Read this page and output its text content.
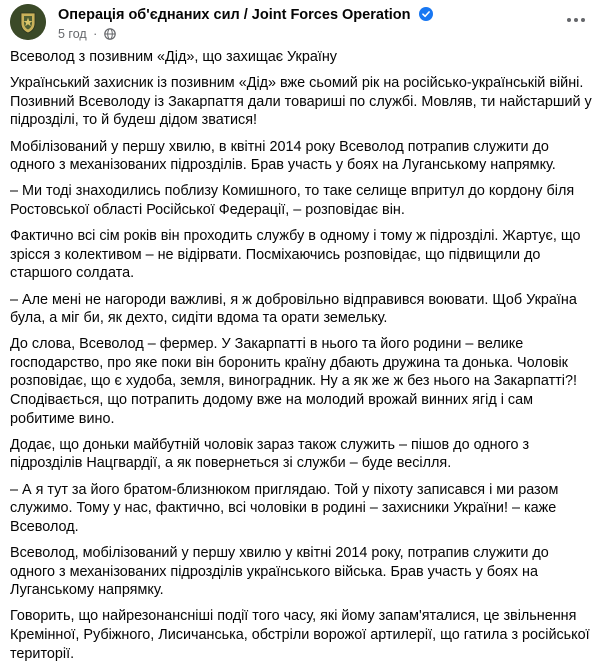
Операція об'єднаних сил / Joint Forces Operation
5 год ·

Всеволод з позивним «Дід», що захищає Україну

Український захисник із позивним «Дід» вже сьомий рік на російсько-українській війні. Позивний Всеволоду із Закарпаття дали товариші по службі. Мовляв, ти найстарший у підрозділі, то й будеш дідом зватися!

Мобілізований у першу хвилю, в квітні 2014 року Всеволод потрапив служити до одного з механізованих підрозділів. Брав участь у боях на Луганському напрямку.

– Ми тоді знаходились поблизу Комишного, то таке селище впритул до кордону біля Ростовської області Російської Федерації, – розповідає він.

Фактично всі сім років він проходить службу в одному і тому ж підрозділі. Жартує, що зрісся з колективом – не відірвати. Посміхаючись розповідає, що підвищили до старшого солдата.

– Але мені не нагороди важливі, я ж добровільно відправився воювати. Щоб Україна була, а міг би, як дехто, сидіти вдома та орати земельку.

До слова, Всеволод – фермер. У Закарпатті в нього та його родини – велике господарство, про яке поки він боронить країну дбають дружина та донька. Чоловік розповідає, що є худоба, земля, виноградник. Ну а як же ж без нього на Закарпатті?! Сподівається, що потрапить додому вже на молодий врожай винних ягід і сам робитиме вино.

Додає, що доньки майбутній чоловік зараз також служить – пішов до одного з підрозділів Нацгвардії, а як повернеться зі служби – буде весілля.

– А я тут за його братом-близнюком приглядаю. Той у піхоту записався і ми разом служимо. Тому у нас, фактично, всі чоловіки в родині – захисники України! – каже Всеволод.

Всеволод, мобілізований у першу хвилю у квітні 2014 року, потрапив служити до одного з механізованих підрозділів українського війська. Брав участь у боях на Луганському напрямку.

Говорить, що найрезонансніші події того часу, які йому запам'яталися, це звільнення Кремінної, Рубіжного, Лисичанська, обстріли ворожої артилерії, що гатила з російської території.
